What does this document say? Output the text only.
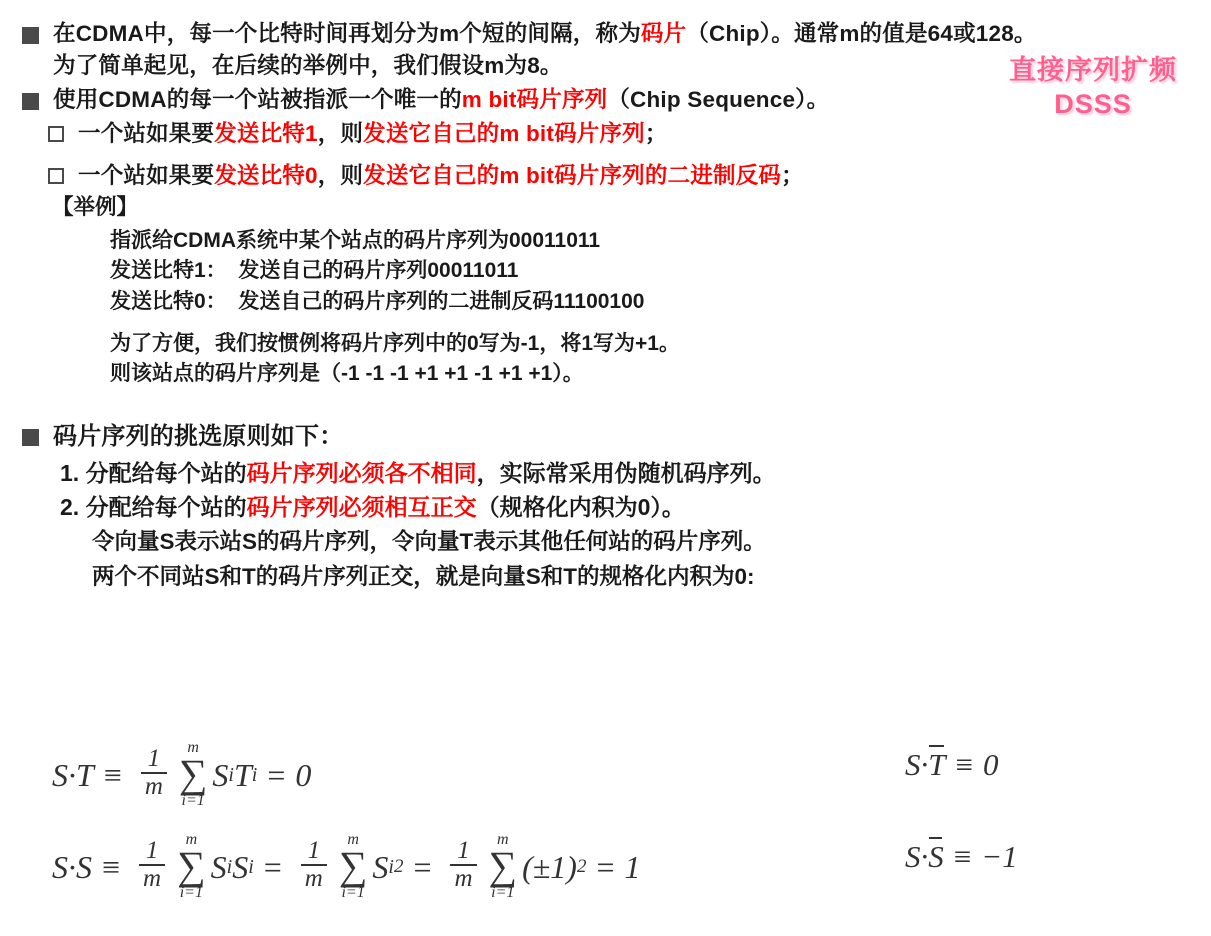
直接序列扩频
DSSS
在CDMA中，每一个比特时间再划分为m个短的间隔，称为码片（Chip）。通常m的值是64或128。
为了简单起见，在后续的举例中，我们假设m为8。
使用CDMA的每一个站被指派一个唯一的m bit码片序列（Chip Sequence）。
一个站如果要发送比特1，则发送它自己的m bit码片序列；
一个站如果要发送比特0，则发送它自己的m bit码片序列的二进制反码；
【举例】
指派给CDMA系统中某个站点的码片序列为00011011
发送比特1：  发送自己的码片序列00011011
发送比特0：  发送自己的码片序列的二进制反码11100100
为了方便，我们按惯例将码片序列中的0写为-1，将1写为+1。
则该站点的码片序列是（-1 -1 -1 +1 +1 -1 +1 +1）。
码片序列的挑选原则如下：
1. 分配给每个站的码片序列必须各不相同，实际常采用伪随机码序列。
2. 分配给每个站的码片序列必须相互正交（规格化内积为0）。
令向量S表示站S的码片序列，令向量T表示其他任何站的码片序列。
两个不同站S和T的码片序列正交，就是向量S和T的规格化内积为0:
$S\cdot T \equiv \frac{1}{m}$	m
∑
i=1
S i T i = 0	S·T ≡ 0
$S\cdot S \equiv \frac{1}{m}$	m
∑
i=1
S i S $i = \frac{1}{m}$	m
∑
i=1
S i $2 = \frac{1}{m}$	m
∑
i=1
(±1) 2 = 1	S·S ≡ −1
